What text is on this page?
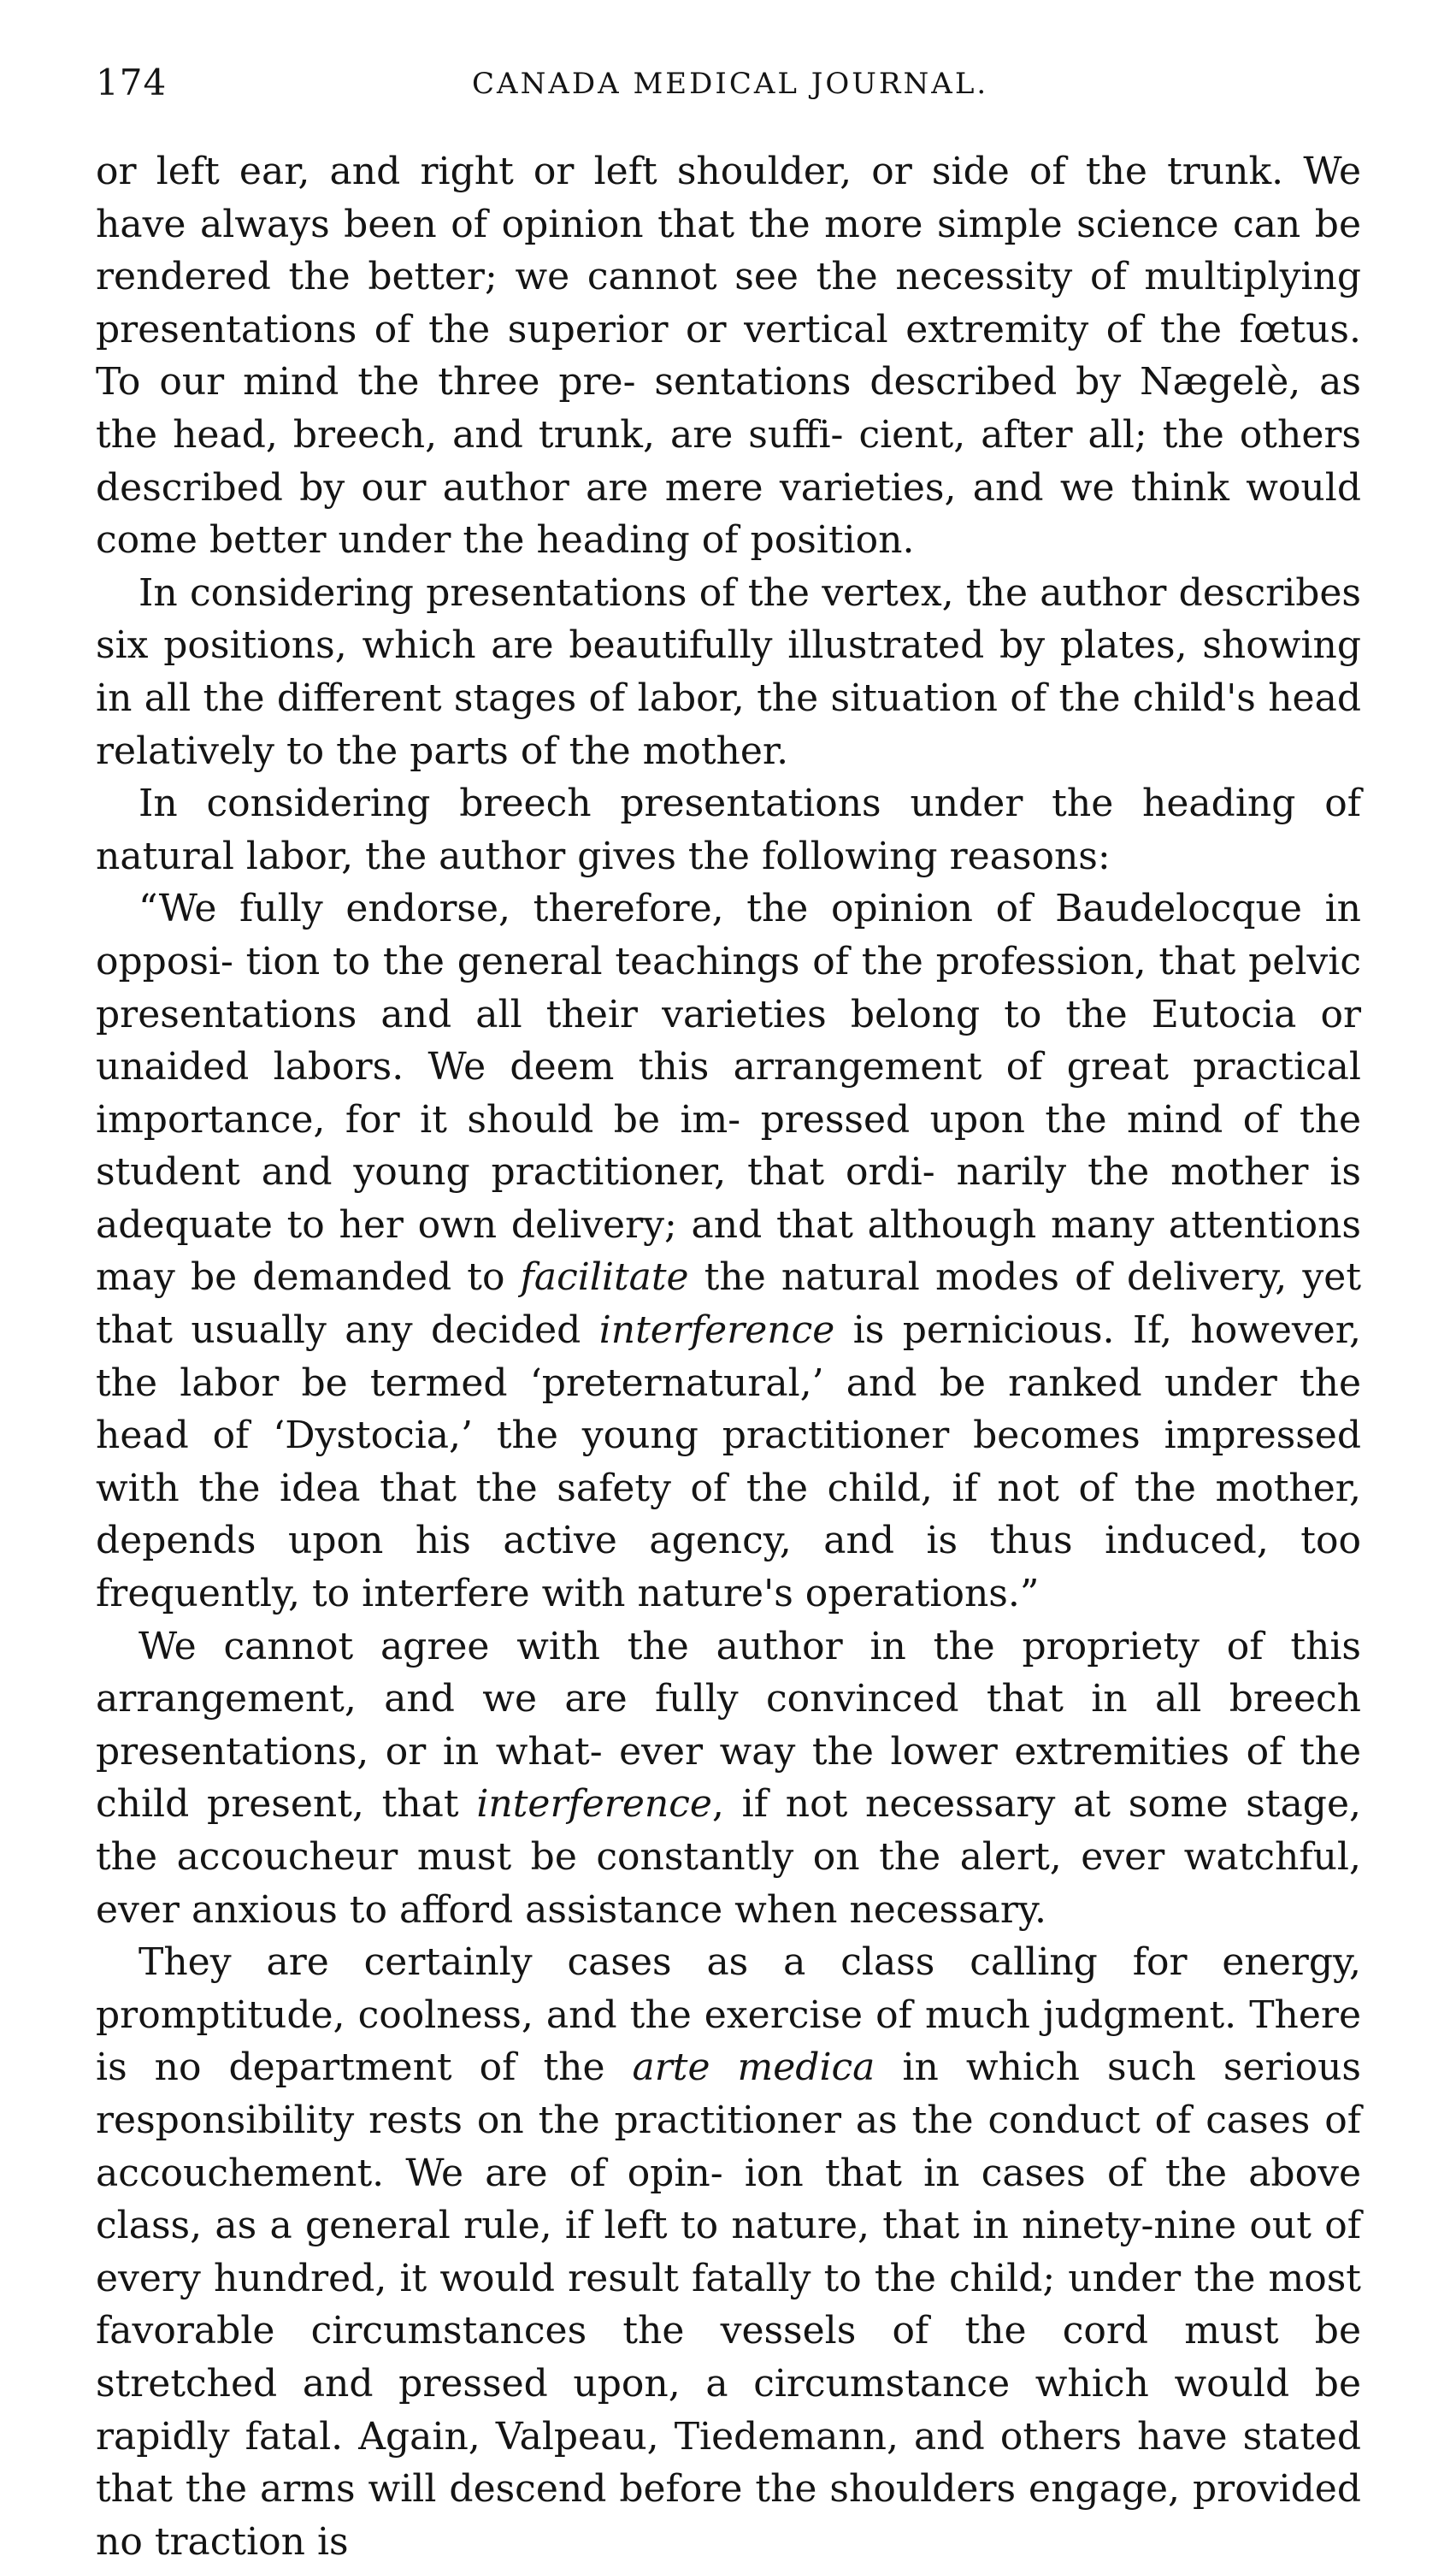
174	CANADA MEDICAL JOURNAL.

or left ear, and right or left shoulder, or side of the trunk. We have always been of opinion that the more simple science can be rendered the better; we cannot see the necessity of multiplying presentations of the superior or vertical extremity of the fœtus. To our mind the three pre- sentations described by Nægelè, as the head, breech, and trunk, are suffi- cient, after all; the others described by our author are mere varieties, and we think would come better under the heading of position.

In considering presentations of the vertex, the author describes six positions, which are beautifully illustrated by plates, showing in all the different stages of labor, the situation of the child's head relatively to the parts of the mother.

In considering breech presentations under the heading of natural labor, the author gives the following reasons:

“We fully endorse, therefore, the opinion of Baudelocque in opposi- tion to the general teachings of the profession, that pelvic presentations and all their varieties belong to the Eutocia or unaided labors. We deem this arrangement of great practical importance, for it should be im- pressed upon the mind of the student and young practitioner, that ordi- narily the mother is adequate to her own delivery; and that although many attentions may be demanded to facilitate the natural modes of delivery, yet that usually any decided interference is pernicious. If, however, the labor be termed ‘preternatural,’ and be ranked under the head of ‘Dystocia,’ the young practitioner becomes impressed with the idea that the safety of the child, if not of the mother, depends upon his active agency, and is thus induced, too frequently, to interfere with nature's operations.”

We cannot agree with the author in the propriety of this arrangement, and we are fully convinced that in all breech presentations, or in what- ever way the lower extremities of the child present, that interference, if not necessary at some stage, the accoucheur must be constantly on the alert, ever watchful, ever anxious to afford assistance when necessary.

They are certainly cases as a class calling for energy, promptitude, coolness, and the exercise of much judgment. There is no department of the arte medica in which such serious responsibility rests on the practitioner as the conduct of cases of accouchement. We are of opin- ion that in cases of the above class, as a general rule, if left to nature, that in ninety-nine out of every hundred, it would result fatally to the child; under the most favorable circumstances the vessels of the cord must be stretched and pressed upon, a circumstance which would be rapidly fatal. Again, Valpeau, Tiedemann, and others have stated that the arms will descend before the shoulders engage, provided no traction is
